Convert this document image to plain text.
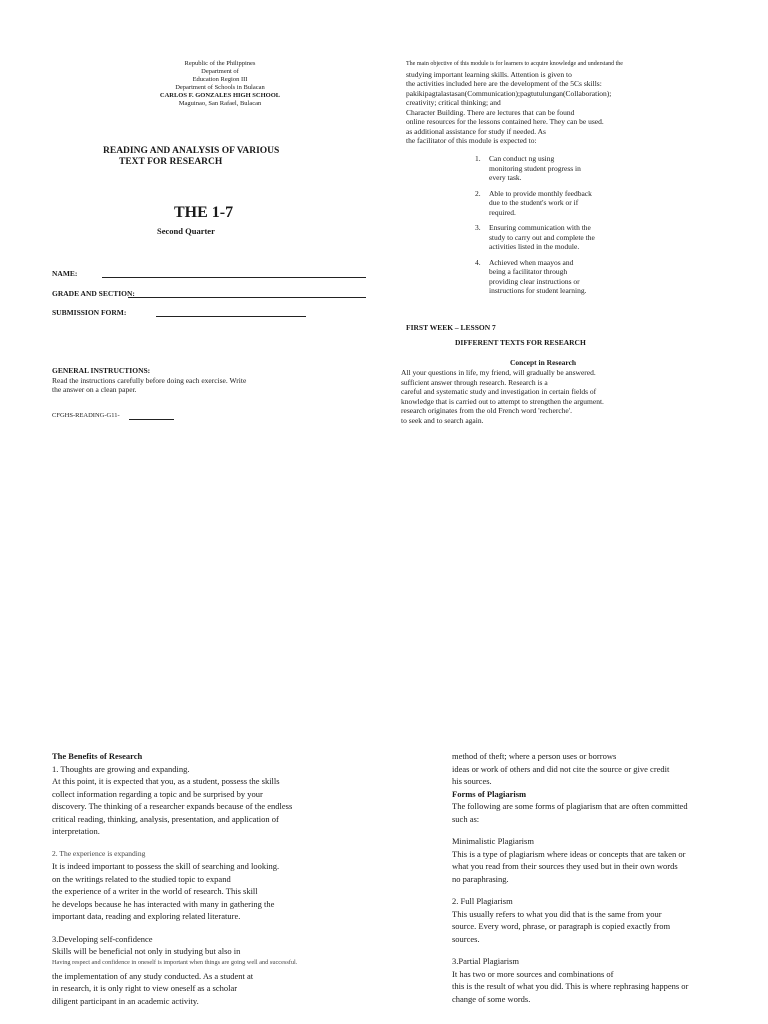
Republic of the Philippines
Department of
Education Region III
Department of Schools in Bulacan
CARLOS F. GONZALES HIGH SCHOOL
Maguinao, San Rafael, Bulacan
READING AND ANALYSIS OF VARIOUS
TEXT FOR RESEARCH
THE 1-7
Second Quarter
NAME:
GRADE AND SECTION:
SUBMISSION FORM:
GENERAL INSTRUCTIONS:
Read the instructions carefully before doing each exercise. Write
the answer on a clean paper.
CFGHS-READING-G11-
The main objective of this module is for learners to acquire knowledge and understand the
studying important learning skills. Attention is given to
the activities included here are the development of the 5Cs skills:
pakikipagtalastasan(Communication);pagtutulungan(Collaboration);
creativity; critical thinking; and
Character Building. There are lectures that can be found
online resources for the lessons contained here. They can be used.
as additional assistance for study if needed. As
the facilitator of this module is expected to:
1.	Can conduct ng using
monitoring student progress in
every task.
2.	Able to provide monthly feedback
due to the student's work or if
required.
3.	Ensuring communication with the
study to carry out and complete the
activities listed in the module.
4.	Achieved when maayos and
being a facilitator through
providing clear instructions or
instructions for student learning.
FIRST WEEK – LESSON 7
DIFFERENT TEXTS FOR RESEARCH
Concept in Research
All your questions in life, my friend, will gradually be answered.
sufficient answer through research. Research is a
careful and systematic study and investigation in certain fields of
knowledge that is carried out to attempt to strengthen the argument.
research originates from the old French word 'recherche'.
to seek and to search again.
The Benefits of Research
1. Thoughts are growing and expanding.
At this point, it is expected that you, as a student, possess the skills
collect information regarding a topic and be surprised by your
discovery. The thinking of a researcher expands because of the endless
critical reading, thinking, analysis, presentation, and application of
interpretation.
2. The experience is expanding
It is indeed important to possess the skill of searching and looking.
on the writings related to the studied topic to expand
the experience of a writer in the world of research. This skill
he develops because he has interacted with many in gathering the
important data, reading and exploring related literature.
3.Developing self-confidence
Skills will be beneficial not only in studying but also in
Having respect and confidence in oneself is important when things are going well and successful.
the implementation of any study conducted. As a student at
in research, it is only right to view oneself as a scholar
diligent participant in an academic activity.
method of theft; where a person uses or borrows
ideas or work of others and did not cite the source or give credit
his sources.
Forms of Plagiarism
The following are some forms of plagiarism that are often committed
such as:
Minimalistic Plagiarism
This is a type of plagiarism where ideas or concepts that are taken or
what you read from their sources they used but in their own words
no paraphrasing.
2. Full Plagiarism
This usually refers to what you did that is the same from your
source. Every word, phrase, or paragraph is copied exactly from
sources.
3.Partial Plagiarism
It has two or more sources and combinations of
this is the result of what you did. This is where rephrasing happens or
change of some words.
